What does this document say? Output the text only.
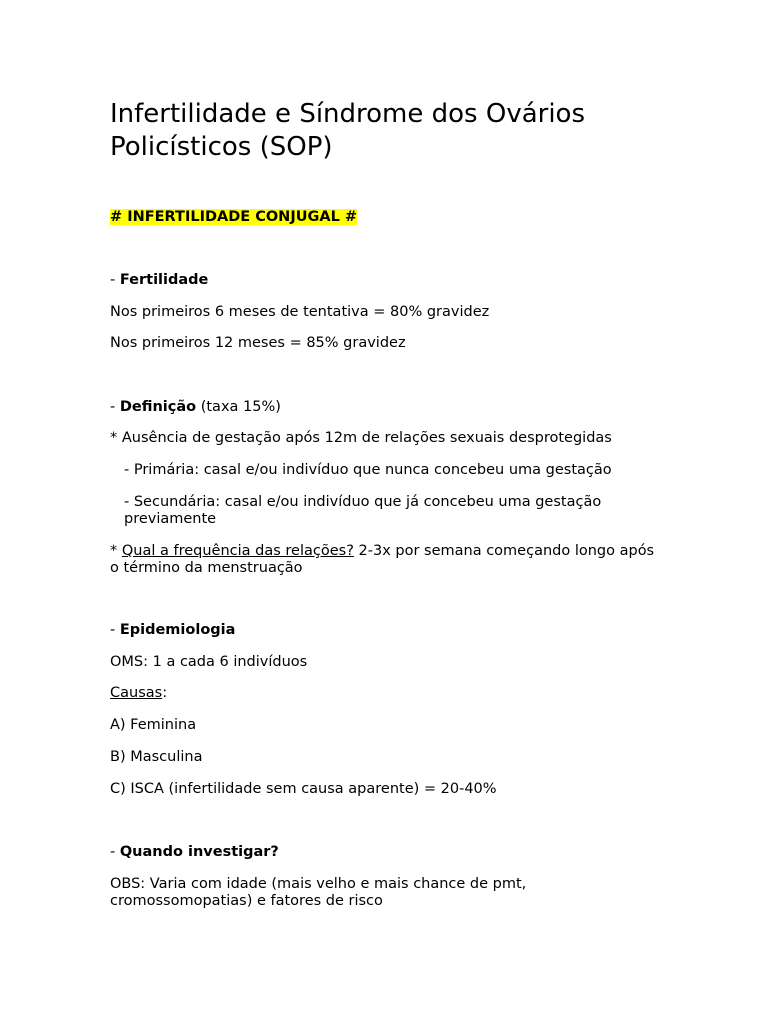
Infertilidade e Síndrome dos Ovários Policísticos (SOP)

# INFERTILIDADE CONJUGAL #

- Fertilidade

Nos primeiros 6 meses de tentativa = 80% gravidez

Nos primeiros 12 meses = 85% gravidez

- Definição (taxa 15%)

* Ausência de gestação após 12m de relações sexuais desprotegidas

- Primária: casal e/ou indivíduo que nunca concebeu uma gestação

- Secundária: casal e/ou indivíduo que já concebeu uma gestação previamente

* Qual a frequência das relações? 2-3x por semana começando longo após o término da menstruação

- Epidemiologia

OMS: 1 a cada 6 indivíduos

Causas:

A) Feminina

B) Masculina

C) ISCA (infertilidade sem causa aparente) = 20-40%

- Quando investigar?

OBS: Varia com idade (mais velho e mais chance de pmt, cromossomopatias) e fatores de risco
